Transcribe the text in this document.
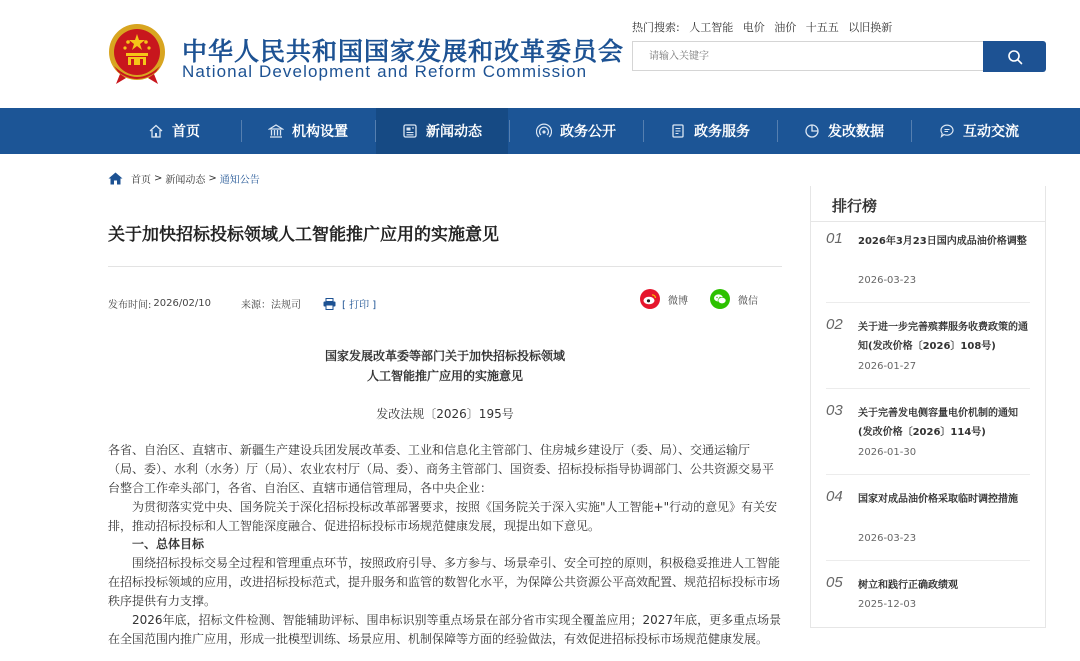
中华人民共和国国家发展和改革委员会
National Development and Reform Commission
热门搜索: 人工智能 电价 油价 十五五 以旧换新
请输入关键字
首页	机构设置	新闻动态	政务公开	政务服务	发改数据	互动交流
首页 > 新闻动态 > 通知公告
关于加快招标投标领域人工智能推广应用的实施意见
发布时间: 2026/02/10	来源：法规司	[ 打印 ]	微博	微信
国家发展改革委等部门关于加快招标投标领域
人工智能推广应用的实施意见
发改法规〔2026〕195号
各省、自治区、直辖市、新疆生产建设兵团发展改革委、工业和信息化主管部门、住房城乡建设厅（委、局）、交通运输厅（局、委）、水利（水务）厅（局）、农业农村厅（局、委）、商务主管部门、国资委、招标投标指导协调部门、公共资源交易平台整合工作牵头部门，各省、自治区、直辖市通信管理局，各中央企业：
为贯彻落实党中央、国务院关于深化招标投标改革部署要求，按照《国务院关于深入实施"人工智能+"行动的意见》有关安排，推动招标投标和人工智能深度融合、促进招标投标市场规范健康发展，现提出如下意见。
一、总体目标
围绕招标投标交易全过程和管理重点环节，按照政府引导、多方参与、场景牵引、安全可控的原则，积极稳妥推进人工智能在招标投标领域的应用，改进招标投标范式，提升服务和监管的数智化水平，为保障公共资源公平高效配置、规范招标投标市场秩序提供有力支撑。
2026年底，招标文件检测、智能辅助评标、围串标识别等重点场景在部分省市实现全覆盖应用；2027年底，更多重点场景在全国范围内推广应用，形成一批模型训练、场景应用、机制保障等方面的经验做法，有效促进招标投标市场规范健康发展。
排行榜
01 2026年3月23日国内成品油价格调整
2026-03-23
02 关于进一步完善殡葬服务收费政策的通知(发改价格〔2026〕108号)
2026-01-27
03 关于完善发电侧容量电价机制的通知(发改价格〔2026〕114号)
2026-01-30
04 国家对成品油价格采取临时调控措施
2026-03-23
05 树立和践行正确政绩观
2025-12-03
